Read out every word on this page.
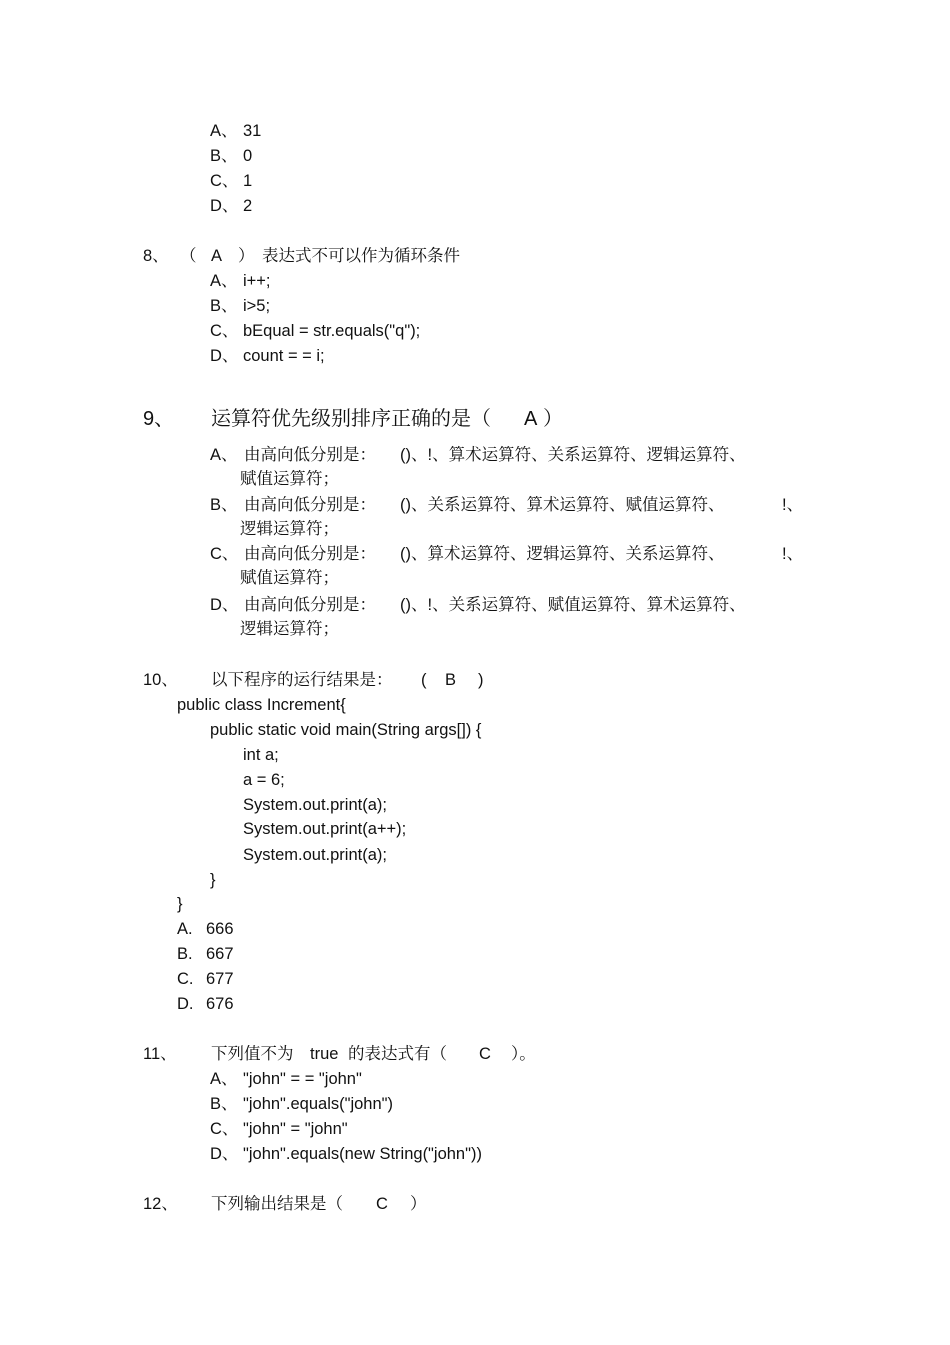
A、 31
B、 0
C、 1
D、 2
8、 （ A ） 表达式不可以作为循环条件
A、 i++;
B、 i>5;
C、 bEqual = str.equals("q");
D、 count = = i;
9、 运算符优先级别排序正确的是（ A ）
A、 由高向低分别是： ()、!、算术运算符、关系运算符、逻辑运算符、
赋值运算符；
B、 由高向低分别是： ()、关系运算符、算术运算符、赋值运算符、	!、
逻辑运算符；
C、 由高向低分别是： ()、算术运算符、逻辑运算符、关系运算符、	!、
赋值运算符；
D、 由高向低分别是： ()、!、关系运算符、赋值运算符、算术运算符、
逻辑运算符；
10、 以下程序的运行结果是： ( B )
public class Increment{
public static void main(String args[]) {
int a;
a = 6;
System.out.print(a);
System.out.print(a++);
System.out.print(a);
}
}
A. 666
B. 667
C. 677
D. 676
11、 下列值不为 true 的表达式有（ C ）。
A、 "john" = = "john"
B、 "john".equals("john")
C、 "john" = "john"
D、 "john".equals(new String("john"))
12、 下列输出结果是（ C ）
